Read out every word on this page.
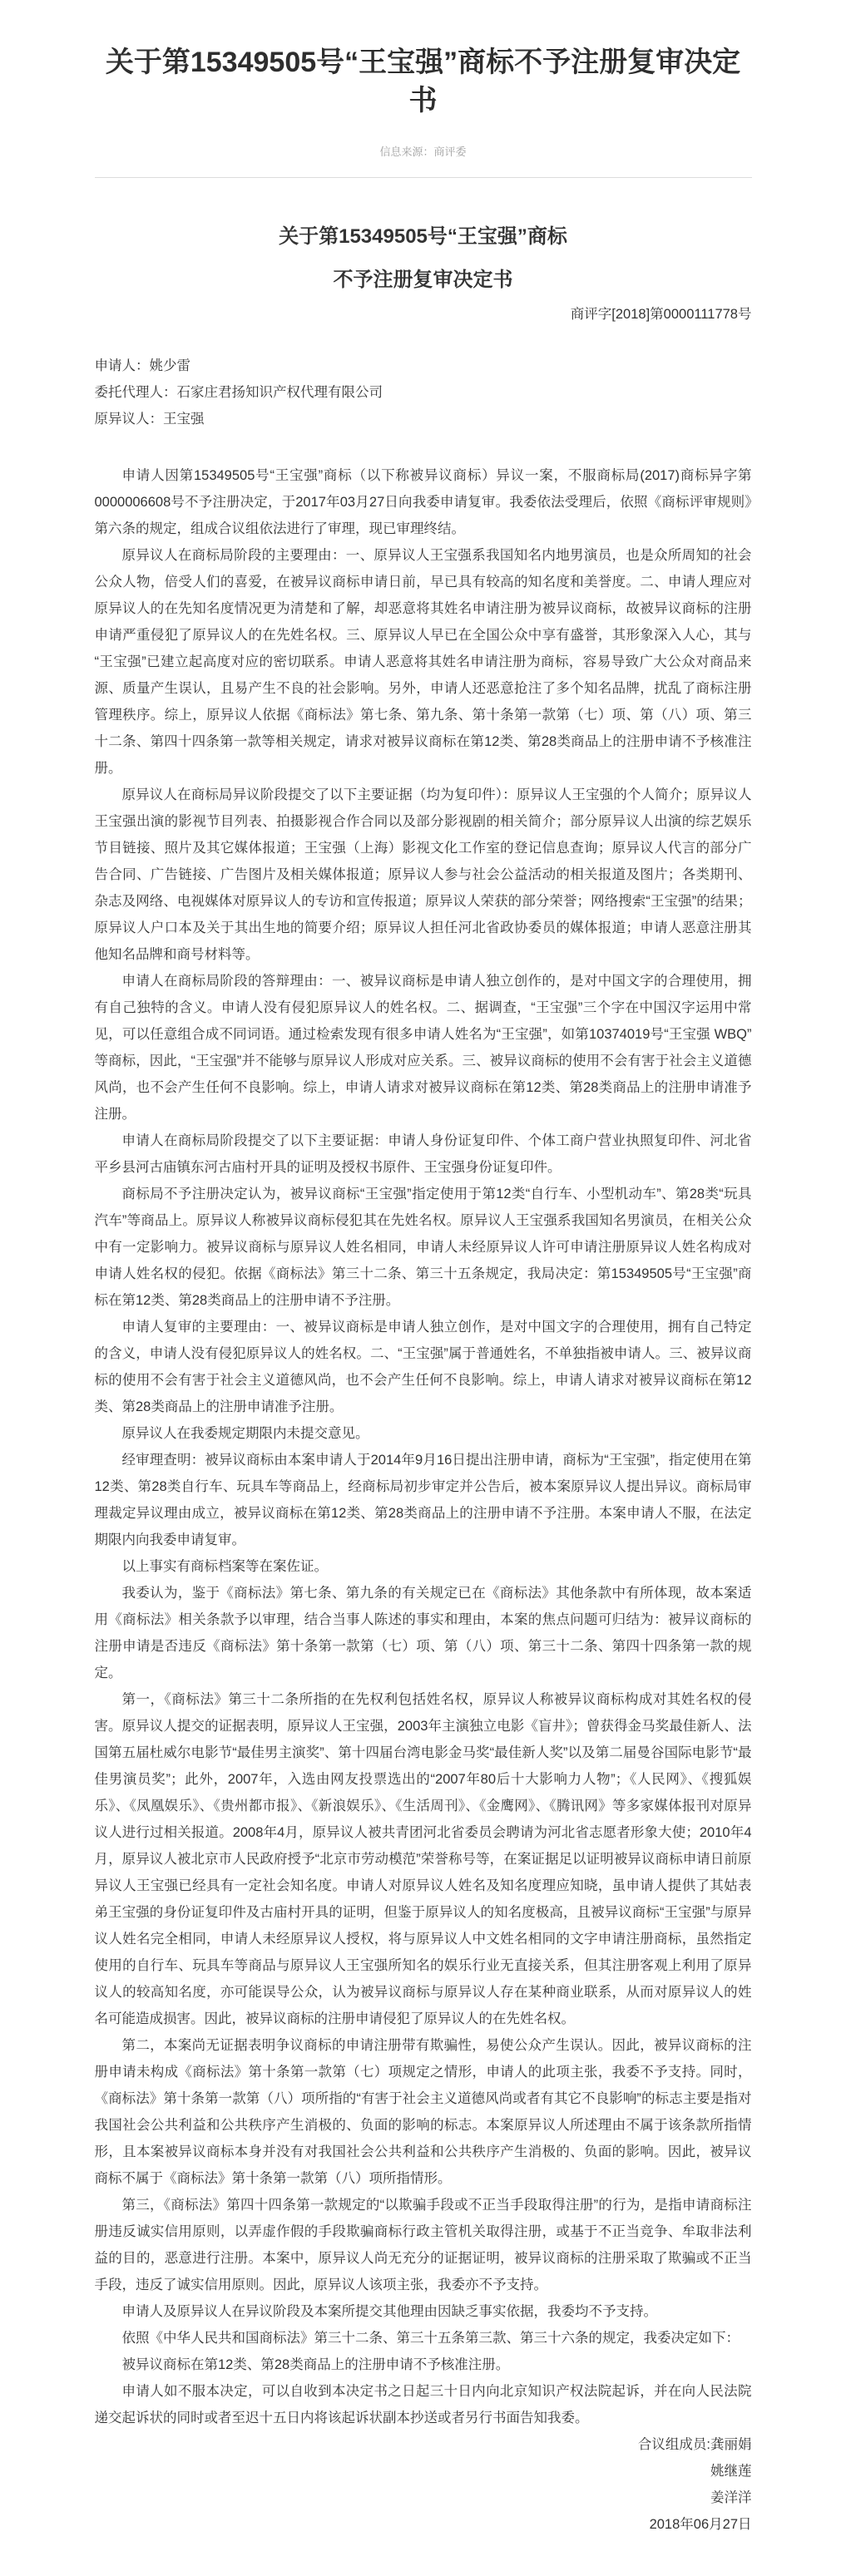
关于第15349505号“王宝强”商标不予注册复审决定书
信息来源：商评委
关于第15349505号“王宝强”商标
不予注册复审决定书
商评字[2018]第0000111778号
申请人：姚少雷
委托代理人：石家庄君扬知识产权代理有限公司
原异议人：王宝强
申请人因第15349505号“王宝强”商标（以下称被异议商标）异议一案，不服商标局(2017)商标异字第0000006608号不予注册决定，于2017年03月27日向我委申请复审。我委依法受理后，依照《商标评审规则》第六条的规定，组成合议组依法进行了审理，现已审理终结。
原异议人在商标局阶段的主要理由：一、原异议人王宝强系我国知名内地男演员，也是众所周知的社会公众人物，倍受人们的喜爱，在被异议商标申请日前，早已具有较高的知名度和美誉度。二、申请人理应对原异议人的在先知名度情况更为清楚和了解，却恶意将其姓名申请注册为被异议商标，故被异议商标的注册申请严重侵犯了原异议人的在先姓名权。三、原异议人早已在全国公众中享有盛誉，其形象深入人心，其与“王宝强”已建立起高度对应的密切联系。申请人恶意将其姓名申请注册为商标，容易导致广大公众对商品来源、质量产生误认，且易产生不良的社会影响。另外，申请人还恶意抢注了多个知名品牌，扰乱了商标注册管理秩序。综上，原异议人依据《商标法》第七条、第九条、第十条第一款第（七）项、第（八）项、第三十二条、第四十四条第一款等相关规定，请求对被异议商标在第12类、第28类商品上的注册申请不予核准注册。
原异议人在商标局异议阶段提交了以下主要证据（均为复印件）：原异议人王宝强的个人简介；原异议人王宝强出演的影视节目列表、拍摄影视合作合同以及部分影视剧的相关简介；部分原异议人出演的综艺娱乐节目链接、照片及其它媒体报道；王宝强（上海）影视文化工作室的登记信息查询；原异议人代言的部分广告合同、广告链接、广告图片及相关媒体报道；原异议人参与社会公益活动的相关报道及图片；各类期刊、杂志及网络、电视媒体对原异议人的专访和宣传报道；原异议人荣获的部分荣誉；网络搜索“王宝强”的结果；原异议人户口本及关于其出生地的简要介绍；原异议人担任河北省政协委员的媒体报道；申请人恶意注册其他知名品牌和商号材料等。
申请人在商标局阶段的答辩理由：一、被异议商标是申请人独立创作的，是对中国文字的合理使用，拥有自己独特的含义。申请人没有侵犯原异议人的姓名权。二、据调查，“王宝强”三个字在中国汉字运用中常见，可以任意组合成不同词语。通过检索发现有很多申请人姓名为“王宝强”，如第10374019号“王宝强 WBQ”等商标，因此，“王宝强”并不能够与原异议人形成对应关系。三、被异议商标的使用不会有害于社会主义道德风尚，也不会产生任何不良影响。综上，申请人请求对被异议商标在第12类、第28类商品上的注册申请准予注册。
申请人在商标局阶段提交了以下主要证据：申请人身份证复印件、个体工商户营业执照复印件、河北省平乡县河古庙镇东河古庙村开具的证明及授权书原件、王宝强身份证复印件。
商标局不予注册决定认为，被异议商标“王宝强”指定使用于第12类“自行车、小型机动车”、第28类“玩具汽车”等商品上。原异议人称被异议商标侵犯其在先姓名权。原异议人王宝强系我国知名男演员，在相关公众中有一定影响力。被异议商标与原异议人姓名相同，申请人未经原异议人许可申请注册原异议人姓名构成对申请人姓名权的侵犯。依据《商标法》第三十二条、第三十五条规定，我局决定：第15349505号“王宝强”商标在第12类、第28类商品上的注册申请不予注册。
申请人复审的主要理由：一、被异议商标是申请人独立创作，是对中国文字的合理使用，拥有自己特定的含义，申请人没有侵犯原异议人的姓名权。二、“王宝强”属于普通姓名，不单独指被申请人。三、被异议商标的使用不会有害于社会主义道德风尚，也不会产生任何不良影响。综上，申请人请求对被异议商标在第12类、第28类商品上的注册申请准予注册。
原异议人在我委规定期限内未提交意见。
经审理查明：被异议商标由本案申请人于2014年9月16日提出注册申请，商标为“王宝强”，指定使用在第12类、第28类自行车、玩具车等商品上，经商标局初步审定并公告后，被本案原异议人提出异议。商标局审理裁定异议理由成立，被异议商标在第12类、第28类商品上的注册申请不予注册。本案申请人不服，在法定期限内向我委申请复审。
以上事实有商标档案等在案佐证。
我委认为，鉴于《商标法》第七条、第九条的有关规定已在《商标法》其他条款中有所体现，故本案适用《商标法》相关条款予以审理，结合当事人陈述的事实和理由，本案的焦点问题可归结为：被异议商标的注册申请是否违反《商标法》第十条第一款第（七）项、第（八）项、第三十二条、第四十四条第一款的规定。
第一，《商标法》第三十二条所指的在先权利包括姓名权，原异议人称被异议商标构成对其姓名权的侵害。原异议人提交的证据表明，原异议人王宝强，2003年主演独立电影《盲井》；曾获得金马奖最佳新人、法国第五届杜威尔电影节“最佳男主演奖”、第十四届台湾电影金马奖“最佳新人奖”以及第二届曼谷国际电影节“最佳男演员奖”；此外，2007年，入选由网友投票选出的“2007年80后十大影响力人物”；《人民网》、《搜狐娱乐》、《凤凰娱乐》、《贵州都市报》、《新浪娱乐》、《生活周刊》、《金鹰网》、《腾讯网》等多家媒体报刊对原异议人进行过相关报道。2008年4月，原异议人被共青团河北省委员会聘请为河北省志愿者形象大使；2010年4月，原异议人被北京市人民政府授予“北京市劳动模范”荣誉称号等，在案证据足以证明被异议商标申请日前原异议人王宝强已经具有一定社会知名度。申请人对原异议人姓名及知名度理应知晓，虽申请人提供了其姑表弟王宝强的身份证复印件及古庙村开具的证明，但鉴于原异议人的知名度极高，且被异议商标“王宝强”与原异议人姓名完全相同，申请人未经原异议人授权，将与原异议人中文姓名相同的文字申请注册商标，虽然指定使用的自行车、玩具车等商品与原异议人王宝强所知名的娱乐行业无直接关系，但其注册客观上利用了原异议人的较高知名度，亦可能误导公众，认为被异议商标与原异议人存在某种商业联系，从而对原异议人的姓名可能造成损害。因此，被异议商标的注册申请侵犯了原异议人的在先姓名权。
第二，本案尚无证据表明争议商标的申请注册带有欺骗性，易使公众产生误认。因此，被异议商标的注册申请未构成《商标法》第十条第一款第（七）项规定之情形，申请人的此项主张，我委不予支持。同时，《商标法》第十条第一款第（八）项所指的“有害于社会主义道德风尚或者有其它不良影响”的标志主要是指对我国社会公共利益和公共秩序产生消极的、负面的影响的标志。本案原异议人所述理由不属于该条款所指情形，且本案被异议商标本身并没有对我国社会公共利益和公共秩序产生消极的、负面的影响。因此，被异议商标不属于《商标法》第十条第一款第（八）项所指情形。
第三，《商标法》第四十四条第一款规定的“以欺骗手段或不正当手段取得注册”的行为，是指申请商标注册违反诚实信用原则，以弄虚作假的手段欺骗商标行政主管机关取得注册，或基于不正当竞争、牟取非法利益的目的，恶意进行注册。本案中，原异议人尚无充分的证据证明，被异议商标的注册采取了欺骗或不正当手段，违反了诚实信用原则。因此，原异议人该项主张，我委亦不予支持。
申请人及原异议人在异议阶段及本案所提交其他理由因缺乏事实依据，我委均不予支持。
依照《中华人民共和国商标法》第三十二条、第三十五条第三款、第三十六条的规定，我委决定如下：
被异议商标在第12类、第28类商品上的注册申请不予核准注册。
申请人如不服本决定，可以自收到本决定书之日起三十日内向北京知识产权法院起诉，并在向人民法院递交起诉状的同时或者至迟十五日内将该起诉状副本抄送或者另行书面告知我委。
合议组成员:龚丽娟
姚继莲
姜洋洋
2018年06月27日
